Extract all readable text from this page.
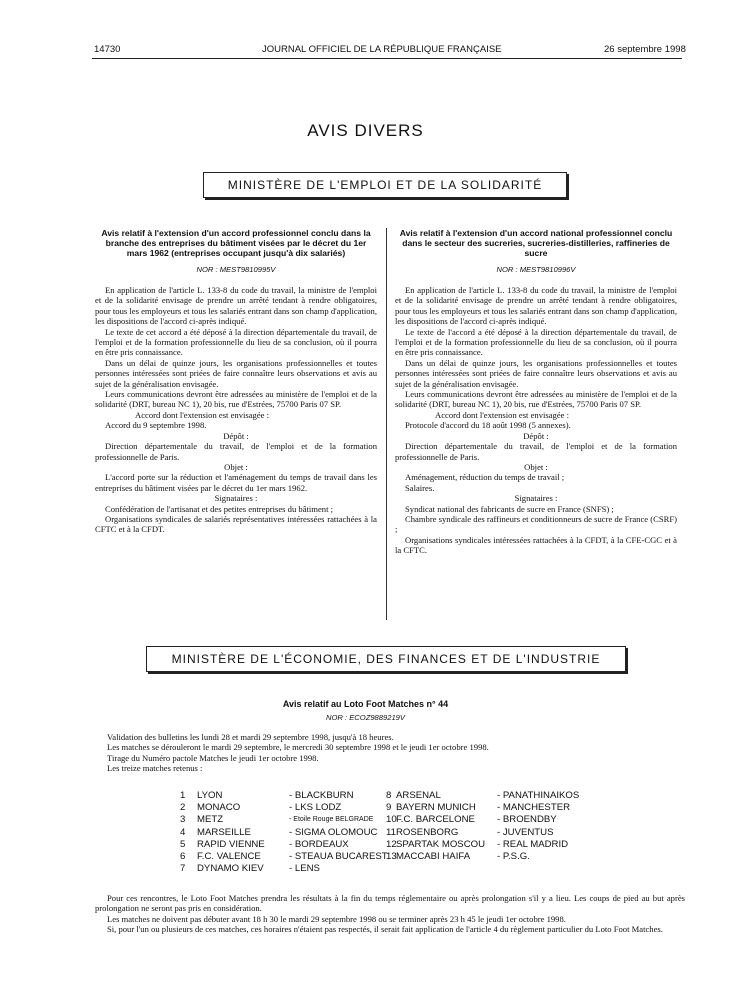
14730	JOURNAL OFFICIEL DE LA RÉPUBLIQUE FRANÇAISE	26 septembre 1998
AVIS DIVERS
MINISTÈRE DE L'EMPLOI ET DE LA SOLIDARITÉ
Avis relatif à l'extension d'un accord professionnel conclu dans la branche des entreprises du bâtiment visées par le décret du 1er mars 1962 (entreprises occupant jusqu'à dix salariés)
NOR : MESТ9810995V

En application de l'article L. 133-8 du code du travail, la ministre de l'emploi et de la solidarité envisage de prendre un arrêté tendant à rendre obligatoires, pour tous les employeurs et tous les salariés entrant dans son champ d'application, les dispositions de l'accord ci-après indiqué.

Le texte de cet accord a été déposé à la direction départementale du travail, de l'emploi et de la formation professionnelle du lieu de sa conclusion, où il pourra en être pris connaissance.

Dans un délai de quinze jours, les organisations professionnelles et toutes personnes intéressées sont priées de faire connaître leurs observations et avis au sujet de la généralisation envisagée.

Leurs communications devront être adressées au ministère de l'emploi et de la solidarité (DRT, bureau NC 1), 20 bis, rue d'Estrées, 75700 Paris 07 SP.

Accord dont l'extension est envisagée :

Accord du 9 septembre 1998.

Dépôt :

Direction départementale du travail, de l'emploi et de la formation professionnelle de Paris.

Objet :

L'accord porte sur la réduction et l'aménagement du temps de travail dans les entreprises du bâtiment visées par le décret du 1er mars 1962.

Signataires :

Confédération de l'artisanat et des petites entreprises du bâtiment ;

Organisations syndicales de salariés représentatives intéressées rattachées à la CFTC et à la CFDT.

Avis relatif à l'extension d'un accord national professionnel conclu dans le secteur des sucreries, sucreries-distilleries, raffineries de sucre
NOR : MESТ9810996V

En application de l'article L. 133-8 du code du travail, la ministre de l'emploi et de la solidarité envisage de prendre un arrêté tendant à rendre obligatoires, pour tous les employeurs et tous les salariés entrant dans son champ d'application, les dispositions de l'accord ci-après indiqué.

Le texte de l'accord a été déposé à la direction départementale du travail, de l'emploi et de la formation professionnelle du lieu de sa conclusion, où il pourra en être pris connaissance.

Dans un délai de quinze jours, les organisations professionnelles et toutes personnes intéressées sont priées de faire connaître leurs observations et avis au sujet de la généralisation envisagée.

Leurs communications devront être adressées au ministère de l'emploi et de la solidarité (DRT, bureau NC 1), 20 bis, rue d'Estrées, 75700 Paris 07 SP.

Accord dont l'extension est envisagée :

Protocole d'accord du 18 août 1998 (5 annexes).

Dépôt :

Direction départementale du travail, de l'emploi et de la formation professionnelle de Paris.

Objet :

Aménagement, réduction du temps de travail ;

Salaires.

Signataires :

Syndicat national des fabricants de sucre en France (SNFS) ;

Chambre syndicale des raffineurs et conditionneurs de sucre de France (CSRF) ;

Organisations syndicales intéressées rattachées à la CFDT, à la CFE-CGC et à la CFTC.

MINISTÈRE DE L'ÉCONOMIE, DES FINANCES ET DE L'INDUSTRIE
Avis relatif au Loto Foot Matches n° 44
NOR : ECOZ9889219V

Validation des bulletins les lundi 28 et mardi 29 septembre 1998, jusqu'à 18 heures.

Les matches se dérouleront le mardi 29 septembre, le mercredi 30 septembre 1998 et le jeudi 1er octobre 1998.

Tirage du Numéro pactole Matches le jeudi 1er octobre 1998.

Les treize matches retenus :

1 LYON	- BLACKBURN
2 MONACO	- LKS LODZ
3 METZ	- Etoile Rouge BELGRADE
4 MARSEILLE	- SIGMA OLOMOUC
5 RAPID VIENNE	- BORDEAUX
6 F.C. VALENCE	- STEAUA BUCAREST
7 DYNAMO KIEV	- LENS
8 ARSENAL	- PANATHINAIKOS
9 BAYERN MUNICH - MANCHESTER
10 F.C. BARCELONE - BROENDBY
11 ROSENBORG	- JUVENTUS
12 SPARTAK MOSCOU - REAL MADRID
13 MACCABI HAIFA	- P.S.G.

Pour ces rencontres, le Loto Foot Matches prendra les résultats à la fin du temps réglementaire ou après prolongation s'il y a lieu. Les coups de pied au but après prolongation ne seront pas pris en considération.

Les matches ne doivent pas débuter avant 18 h 30 le mardi 29 septembre 1998 ou se terminer après 23 h 45 le jeudi 1er octobre 1998.

Si, pour l'un ou plusieurs de ces matches, ces horaires n'étaient pas respectés, il serait fait application de l'article 4 du règlement particulier du Loto Foot Matches.
